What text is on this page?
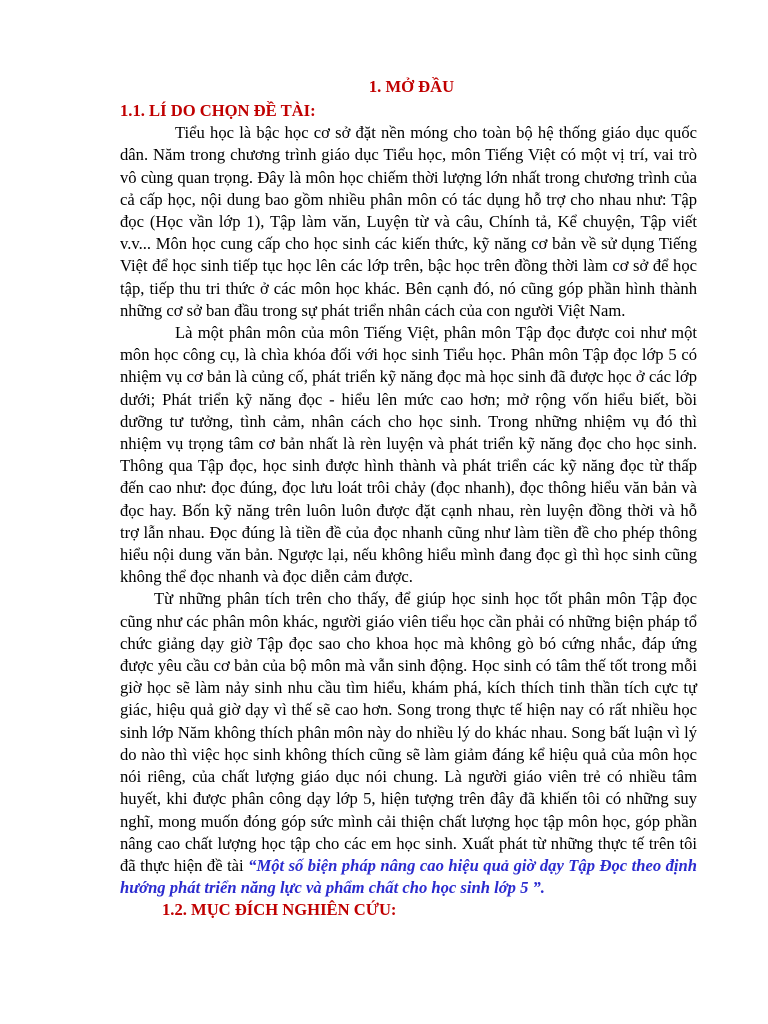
1. MỞ ĐẦU
1.1. LÍ DO CHỌN ĐỀ TÀI:

Tiểu học là bậc học cơ sở đặt nền móng cho toàn bộ hệ thống giáo dục quốc dân. Năm trong chương trình giáo dục Tiểu học, môn Tiếng Việt có một vị trí, vai trò vô cùng quan trọng. Đây là môn học chiếm thời lượng lớn nhất trong chương trình của cả cấp học, nội dung bao gồm nhiều phân môn có tác dụng hỗ trợ cho nhau như: Tập đọc (Học vần lớp 1), Tập làm văn, Luyện từ và câu, Chính tả, Kể chuyện, Tập viết v.v... Môn học cung cấp cho học sinh các kiến thức, kỹ năng cơ bản về sử dụng Tiếng Việt để học sinh tiếp tục học lên các lớp trên, bậc học trên đồng thời làm cơ sở để học tập, tiếp thu tri thức ở các môn học khác. Bên cạnh đó, nó cũng góp phần hình thành những cơ sở ban đầu trong sự phát triển nhân cách của con người Việt Nam.

Là một phân môn của môn Tiếng Việt, phân môn Tập đọc được coi như một môn học công cụ, là chìa khóa đối với học sinh Tiểu học. Phân môn Tập đọc lớp 5 có nhiệm vụ cơ bản là củng cố, phát triển kỹ năng đọc mà học sinh đã được học ở các lớp dưới; Phát triển kỹ năng đọc - hiểu lên mức cao hơn; mở rộng vốn hiểu biết, bồi dưỡng tư tưởng, tình cảm, nhân cách cho học sinh. Trong những nhiệm vụ đó thì nhiệm vụ trọng tâm cơ bản nhất là rèn luyện và phát triển kỹ năng đọc cho học sinh. Thông qua Tập đọc, học sinh được hình thành và phát triển các kỹ năng đọc từ thấp đến cao như: đọc đúng, đọc lưu loát trôi chảy (đọc nhanh), đọc thông hiểu văn bản và đọc hay. Bốn kỹ năng trên luôn luôn được đặt cạnh nhau, rèn luyện đồng thời và hỗ trợ lẫn nhau. Đọc đúng là tiền đề của đọc nhanh cũng như làm tiền đề cho phép thông hiểu nội dung văn bản. Ngược lại, nếu không hiểu mình đang đọc gì thì học sinh cũng không thể đọc nhanh và đọc diễn cảm được.

Từ những phân tích trên cho thấy, để giúp học sinh học tốt phân môn Tập đọc cũng như các phân môn khác, người giáo viên tiểu học cần phải có những biện pháp tổ chức giảng dạy giờ Tập đọc sao cho khoa học mà không gò bó cứng nhắc, đáp ứng được yêu cầu cơ bản của bộ môn mà vẫn sinh động. Học sinh có tâm thế tốt trong mỗi giờ học sẽ làm nảy sinh nhu cầu tìm hiểu, khám phá, kích thích tinh thần tích cực tự giác, hiệu quả giờ dạy vì thế sẽ cao hơn. Song trong thực tế hiện nay có rất nhiều học sinh lớp Năm không thích phân môn này do nhiều lý do khác nhau. Song bất luận vì lý do nào thì việc học sinh không thích cũng sẽ làm giảm đáng kể hiệu quả của môn học nói riêng, của chất lượng giáo dục nói chung. Là người giáo viên trẻ có nhiều tâm huyết, khi được phân công dạy lớp 5, hiện tượng trên đây đã khiến tôi có những suy nghĩ, mong muốn đóng góp sức mình cải thiện chất lượng học tập môn học, góp phần nâng cao chất lượng học tập cho các em học sinh. Xuất phát từ những thực tế trên tôi đã thực hiện đề tài “Một số biện pháp nâng cao hiệu quả giờ dạy Tập Đọc theo định hướng phát triển năng lực và phẩm chất cho học sinh lớp 5 ”.

1.2. MỤC ĐÍCH NGHIÊN CỨU:
